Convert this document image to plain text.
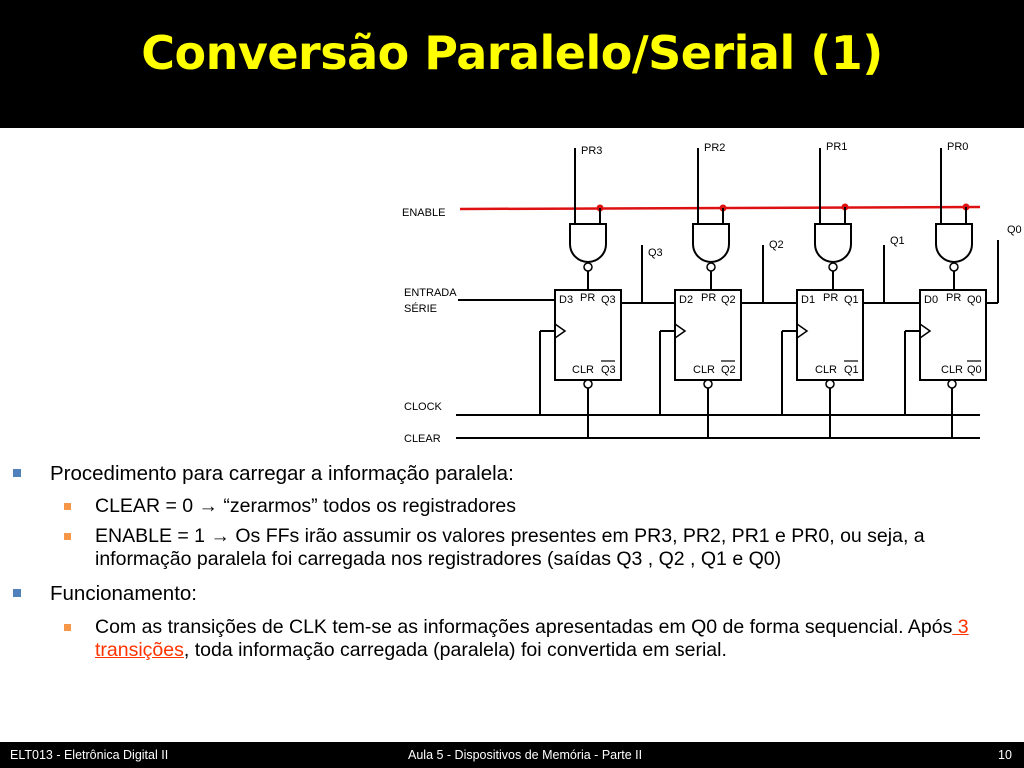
Conversão Paralelo/Serial (1)
ENABLE
ENTRADA
SÉRIE
CLOCK
CLEAR
PR3
D3 PR Q3
CLR Q3
Q3
PR2
D2 PR Q2
CLR Q2
Q2
PR1
D1 PR Q1
CLR Q1
Q1
PR0
D0 PR Q0
CLR Q0
Q0
Procedimento para carregar a informação paralela:
CLEAR = 0 → “zerarmos” todos os registradores
ENABLE = 1 → Os FFs irão assumir os valores presentes em PR3, PR2, PR1 e PR0, ou seja, a informação paralela foi carregada nos registradores (saídas Q3 , Q2 , Q1 e Q0)
Funcionamento:
Com as transições de CLK tem-se as informações apresentadas em Q0 de forma sequencial. Após 3 transições, toda informação carregada (paralela) foi convertida em serial.
ELT013 - Eletrônica Digital II	Aula 5 - Dispositivos de Memória - Parte II	10
